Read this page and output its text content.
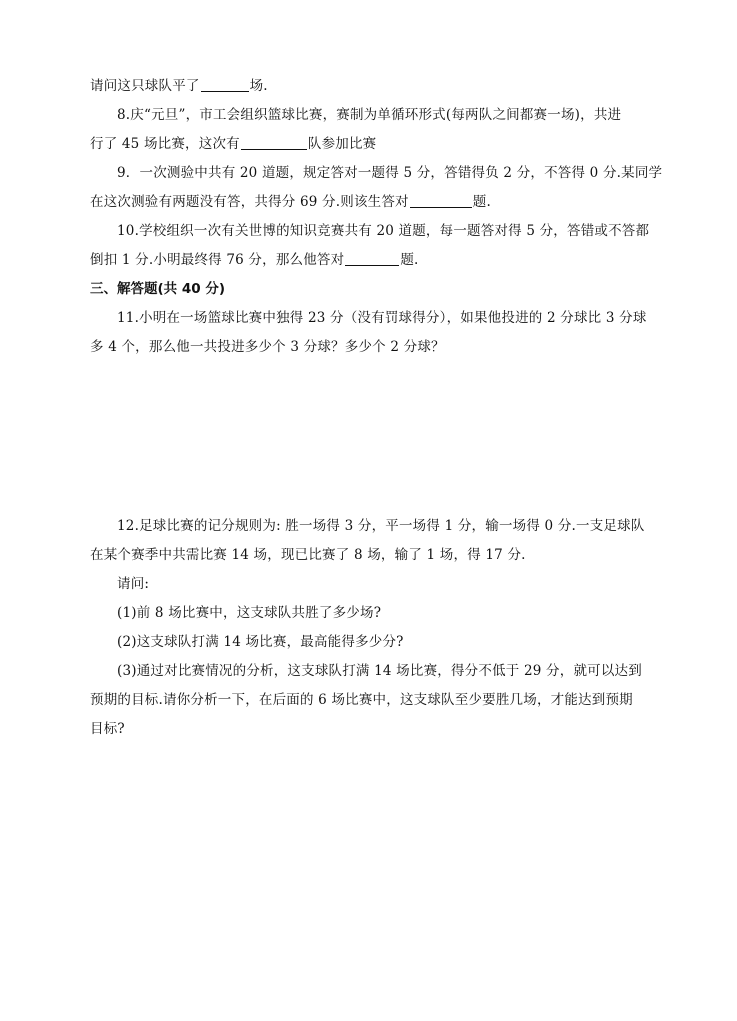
请问这只球队平了	场.
8.庆“元旦”，市工会组织篮球比赛，赛制为单循环形式(每两队之间都赛一场)，共进
行了 45 场比赛，这次有	队参加比赛
9．一次测验中共有 20 道题，规定答对一题得 5 分，答错得负 2 分，不答得 0 分.某同学
在这次测验有两题没有答，共得分 69 分.则该生答对	题.
10.学校组织一次有关世博的知识竞赛共有 20 道题，每一题答对得 5 分，答错或不答都
倒扣 1 分.小明最终得 76 分，那么他答对	题.
三、解答题(共 40 分)
11.小明在一场篮球比赛中独得 23 分（没有罚球得分），如果他投进的 2 分球比 3 分球
多 4 个，那么他一共投进多少个 3 分球？多少个 2 分球？
12.足球比赛的记分规则为: 胜一场得 3 分，平一场得 1 分，输一场得 0 分.一支足球队
在某个赛季中共需比赛 14 场，现已比赛了 8 场，输了 1 场，得 17 分.
请问:
(1)前 8 场比赛中，这支球队共胜了多少场?
(2)这支球队打满 14 场比赛，最高能得多少分?
(3)通过对比赛情况的分析，这支球队打满 14 场比赛，得分不低于 29 分，就可以达到
预期的目标.请你分析一下，在后面的 6 场比赛中，这支球队至少要胜几场，才能达到预期
目标?
